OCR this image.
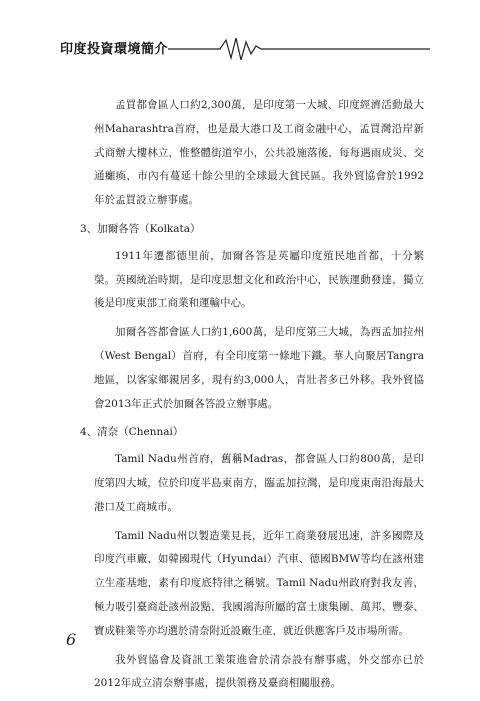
印度投資環境簡介

孟買都會區人口約2,300萬，是印度第一大城、印度經濟活動最大州Maharashtra首府，也是最大港口及工商金融中心，孟買灣沿岸新式商辦大樓林立，惟整體街道窄小，公共設施落後，每每遇雨成災、交通癱瘓，市內有蔓延十餘公里的全球最大貧民區。我外貿協會於1992年於孟買設立辦事處。

3、加爾各答（Kolkata）

1911年遷都德里前，加爾各答是英屬印度殖民地首都，十分繁榮。英國統治時期，是印度思想文化和政治中心，民族運動發達，獨立後是印度東部工商業和運輸中心。

加爾各答都會區人口約1,600萬，是印度第三大城，為西孟加拉州（West Bengal）首府，有全印度第一條地下鐵。華人向聚居Tangra地區，以客家鄉親居多，現有約3,000人，青壯者多已外移。我外貿協會2013年正式於加爾各答設立辦事處。

4、清奈（Chennai）

Tamil Nadu州首府，舊稱Madras，都會區人口約800萬，是印度第四大城，位於印度半島東南方，臨孟加拉灣，是印度東南沿海最大港口及工商城市。

Tamil Nadu州以製造業見長，近年工商業發展迅速，許多國際及印度汽車廠、如韓國現代（Hyundai）汽車、德國BMW等均在該州建立生產基地，素有印度底特律之稱號。Tamil Nadu州政府對我友善，極力吸引臺商赴該州設點，我國鴻海所屬的富士康集團、萬邦、豐泰、寶成鞋業等亦均選於清奈附近設廠生產，就近供應客戶及市場所需。

我外貿協會及資訊工業策進會於清奈設有辦事處，外交部亦已於2012年成立清奈辦事處，提供領務及臺商相關服務。

6
